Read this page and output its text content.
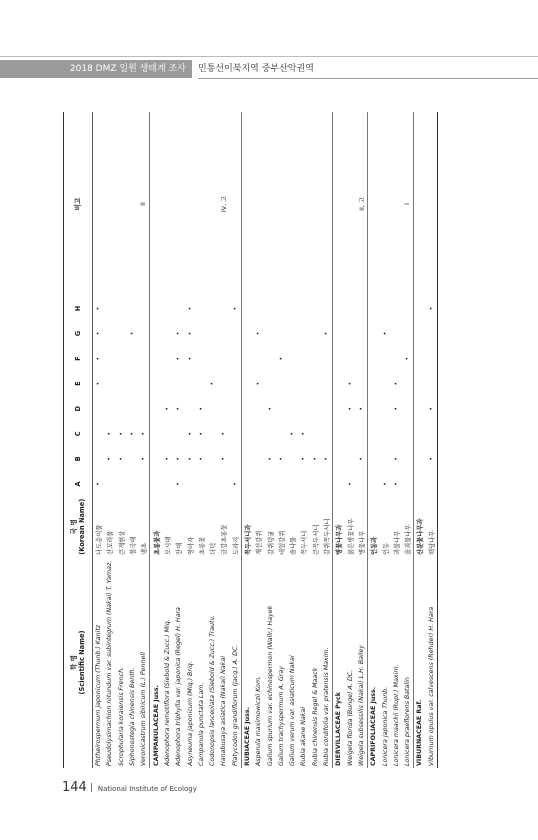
2018 DMZ 일원 생태계 조사	민통선이북지역 중부산악권역
학 명
(Scientific Name)	국 명
(Korean Name)	A	B	C	D	E	F	G	H	비고
Phtheirospermum japonicum (Thunb.) Kanitz	나도송이풀	•				•	•	•	•	
Pseudolysimachion rotundum var. subintegrum (Nakai) T. Yamaz.	산꼬리풀		•	•						
Scrophularia koraiensis French.	큰개현삼		•	•						
Siphonostegia chinensis Benth.	절국대			•				•		
Veronicastrum sibiricum (L.) Pennell	냉초		•	•						II
CAMPANULACEAE Juss.	초롱꽃과									
Adenophora remotiflora (Siebold & Zucc.) Miq.	모시대		•		•					
Adenophora triphylla var. japonica (Regel) H. Hara	잔대	•	•		•		•	•		
Asyneuma japonicum (Miq.) Briq.	영아자		•	•			•	•	•	
Campanula punctata Lam.	초롱꽃		•	•	•					
Codonopsis lanceolata (Siebold & Zucc.) Trautv.	더덕					•				
Hanabusaya asiatica (Nakai) Nakai	금강초롱꽃		•	•						IV, 고
Platycodon grandiflorum (Jacq.) A. DC.	도라지	•							•	
RUBIACEAE Juss.	꼭두서니과									
Asperula maximowiczii Kom.	개선갈퀴					•		•		
Galium spurium var. echinospermon (Wallr.) Hayek	갈퀴덩굴		•		•					
Galium trachyspermum A. Gray	네잎갈퀴		•				•			
Galium verum var. asiaticum Nakai	솔나물			•						
Rubia akane Nakai	꼭두서니		•	•						
Rubia chinensis Regel & Maack	큰꼭두서니		•							
Rubia cordifolia var. pratensis Maxim.	갈퀴꼭두서니		•					•		
DIERVILLACEAE Pyck	병꽃나무과									
Weigela florida (Bunge) A. DC.	붉은병꽃나무	•			•	•				
Weigela subsessilis (Nakai) L.H. Bailey	병꽃나무		•		•					II, 고
CAPRIFOLIACEAE Juss.	인동과									
Lonicera japonica Thunb.	인동	•						•		
Lonicera maackii (Rupr.) Maxim.	괴불나무	•	•		•	•				
Lonicera praeflorens Batalin	올괴불나무						•			I
VIBURNACEAE Raf.	산분꽃나무과									
Viburnum opulus var. calvescens (Rehder) H. Hara	백당나무		•		•				•	
144 National Institute of Ecology
